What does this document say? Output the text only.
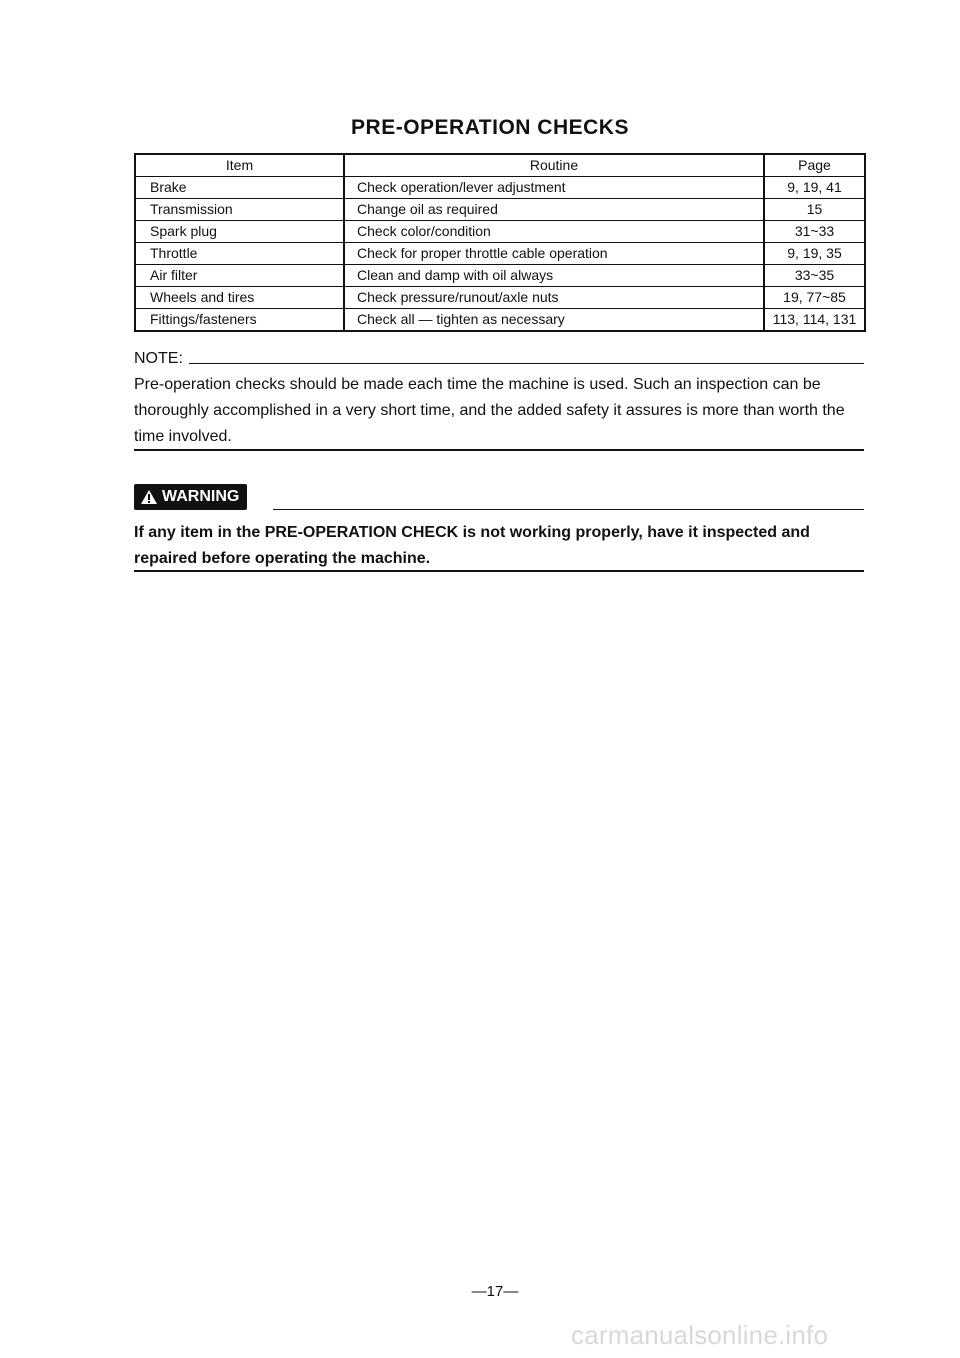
PRE-OPERATION CHECKS
Item	Routine	Page
Brake	Check operation/lever adjustment	9, 19, 41
Transmission	Change oil as required	15
Spark plug	Check color/condition	31~33
Throttle	Check for proper throttle cable operation	9, 19, 35
Air filter	Clean and damp with oil always	33~35
Wheels and tires	Check pressure/runout/axle nuts	19, 77~85
Fittings/fasteners	Check all — tighten as necessary	113, 114, 131
NOTE:
Pre-operation checks should be made each time the machine is used. Such an inspection can be thoroughly accomplished in a very short time, and the added safety it assures is more than worth the time involved.
WARNING
If any item in the PRE-OPERATION CHECK is not working properly, have it inspected and repaired before operating the machine.
—17—
carmanualsonline.info
